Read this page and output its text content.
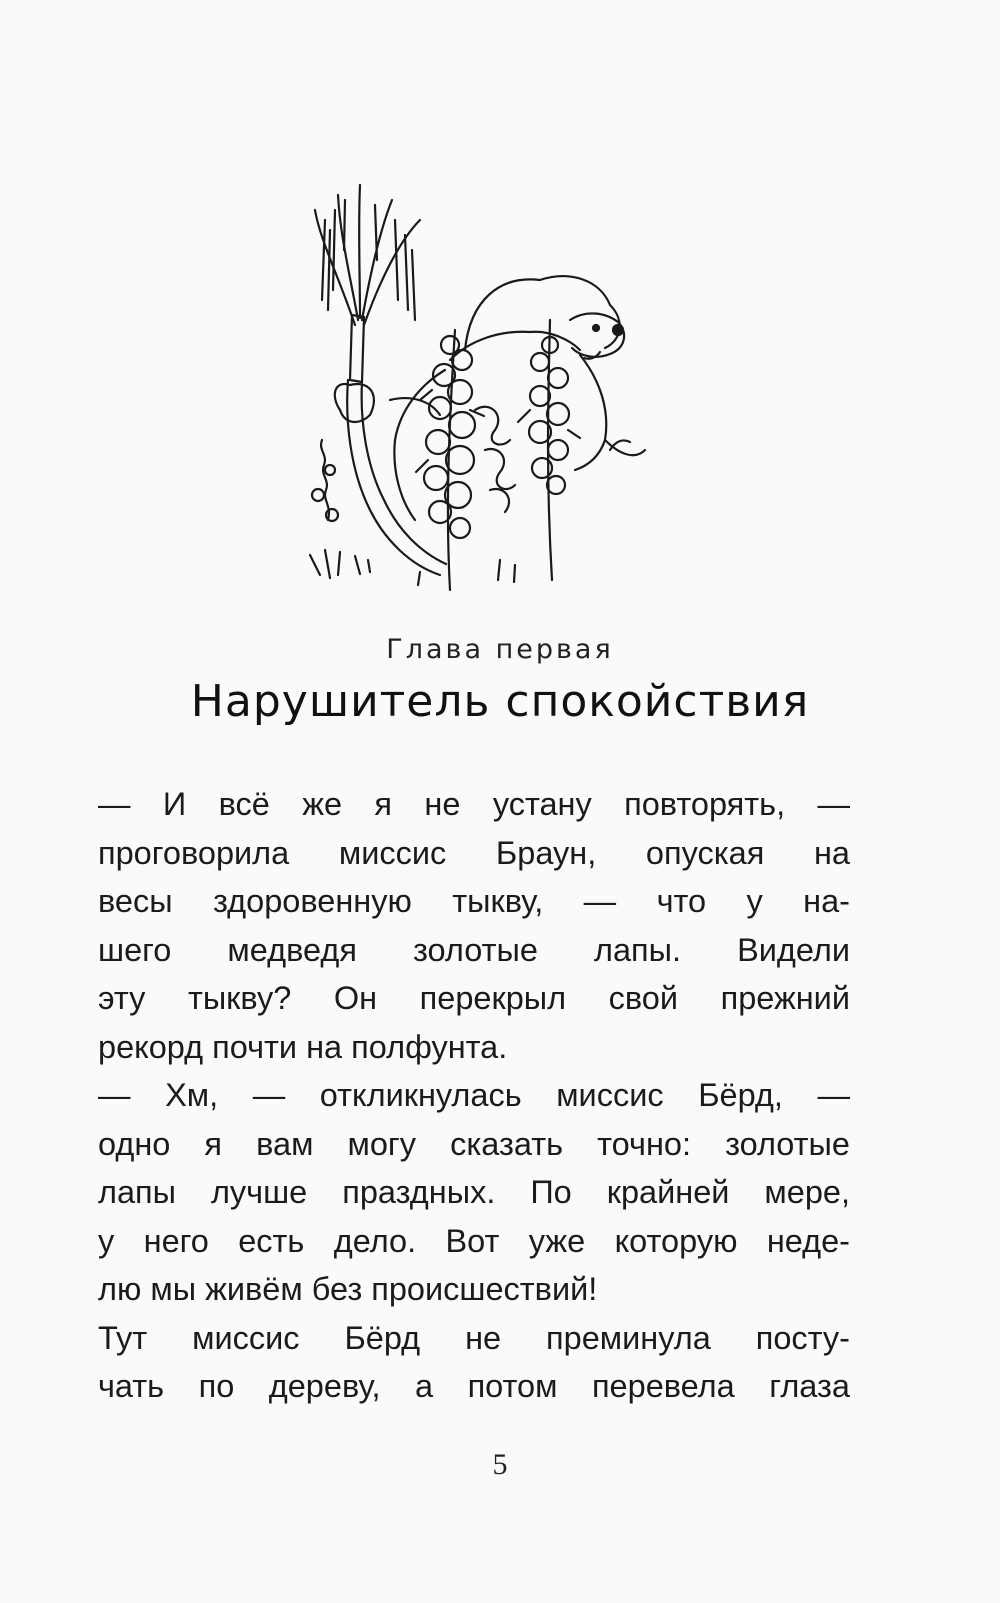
Глава первая
Нарушитель спокойствия
— И всё же я не устану повторять, —
проговорила миссис Браун, опуская на
весы здоровенную тыкву, — что у на-
шего медведя золотые лапы. Видели
эту тыкву? Он перекрыл свой прежний
рекорд почти на полфунта.
— Хм, — откликнулась миссис Бёрд, —
одно я вам могу сказать точно: золотые
лапы лучше праздных. По крайней мере,
у него есть дело. Вот уже которую неде-
лю мы живём без происшествий!
Тут миссис Бёрд не преминула посту-
чать по дереву, а потом перевела глаза
5
